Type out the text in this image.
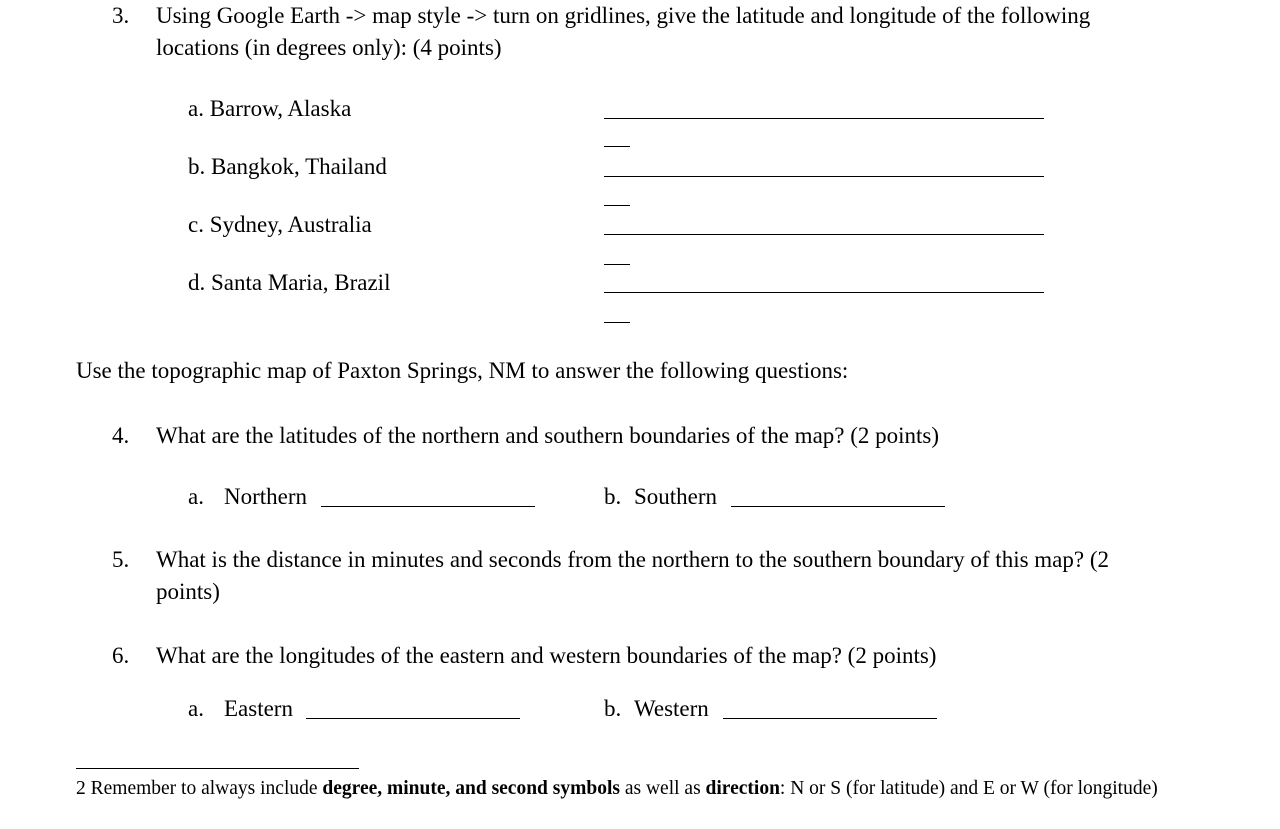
3. Using Google Earth -> map style -> turn on gridlines, give the latitude and longitude of the following
locations (in degrees only): (4 points)
a. Barrow, Alaska
b. Bangkok, Thailand
c. Sydney, Australia
d. Santa Maria, Brazil
Use the topographic map of Paxton Springs, NM to answer the following questions:
4. What are the latitudes of the northern and southern boundaries of the map? (2 points)
a. Northern	b. Southern
5. What is the distance in minutes and seconds from the northern to the southern boundary of this map? (2
points)
6. What are the longitudes of the eastern and western boundaries of the map? (2 points)
a. Eastern	b. Western
2 Remember to always include degree, minute, and second symbols as well as direction: N or S (for latitude) and E or W (for longitude)
